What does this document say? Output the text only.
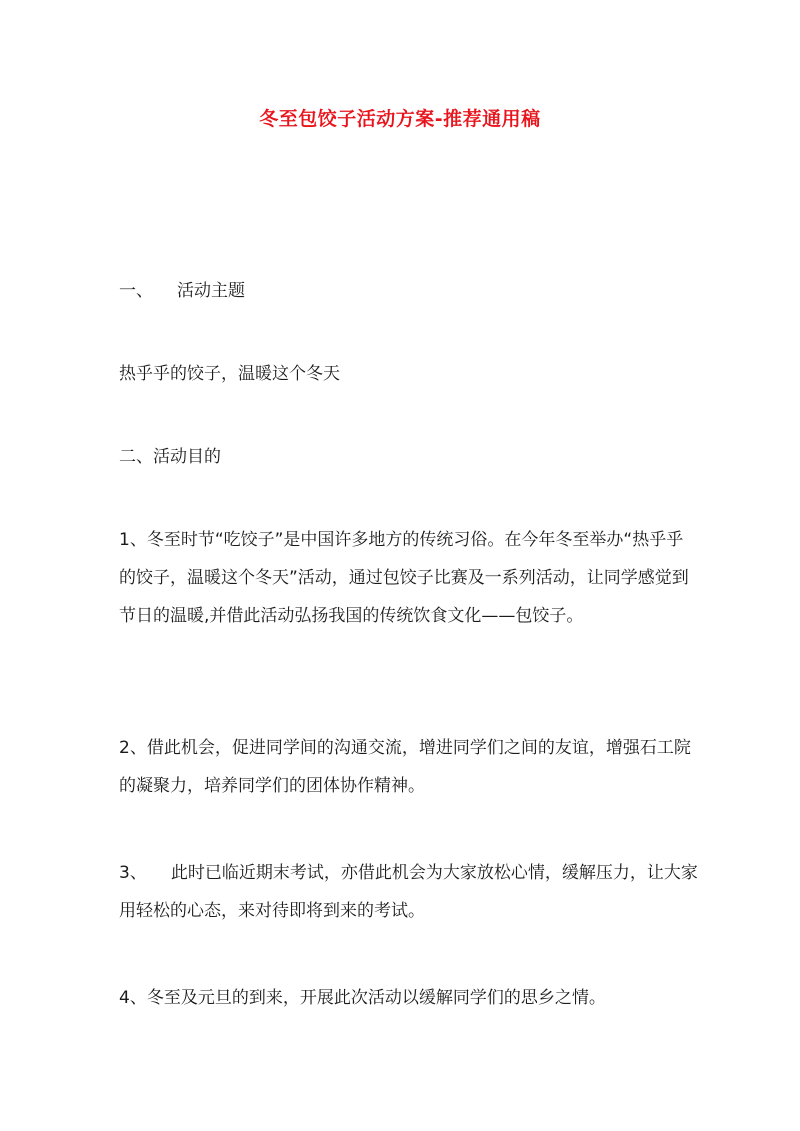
冬至包饺子活动方案-推荐通用稿

一、 活动主题

热乎乎的饺子，温暖这个冬天

二、活动目的

1、冬至时节“吃饺子”是中国许多地方的传统习俗。在今年冬至举办“热乎乎的饺子，温暖这个冬天”活动，通过包饺子比赛及一系列活动，让同学感觉到节日的温暖,并借此活动弘扬我国的传统饮食文化——包饺子。

2、借此机会，促进同学间的沟通交流，增进同学们之间的友谊，增强石工院的凝聚力，培养同学们的团体协作精神。

3、 此时已临近期末考试，亦借此机会为大家放松心情，缓解压力，让大家用轻松的心态，来对待即将到来的考试。

4、冬至及元旦的到来，开展此次活动以缓解同学们的思乡之情。
